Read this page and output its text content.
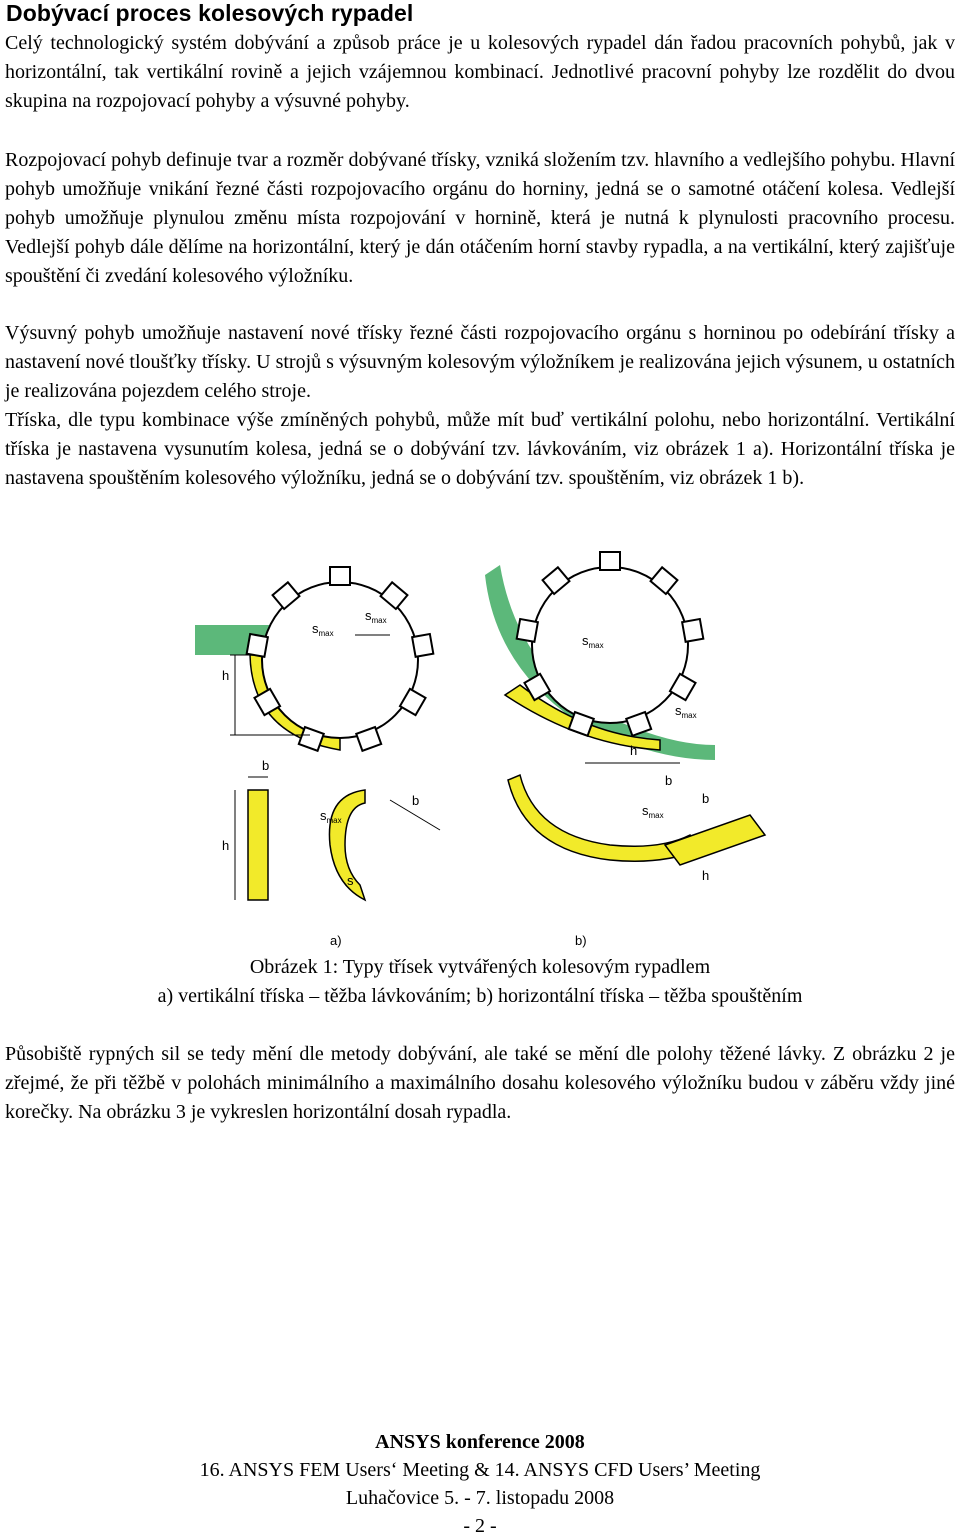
Dobývací proces kolesových rypadel

Celý technologický systém dobývání a způsob práce je u kolesových rypadel dán řadou pracovních pohybů, jak v horizontální, tak vertikální rovině a jejich vzájemnou kombinací. Jednotlivé pracovní pohyby lze rozdělit do dvou skupina na rozpojovací pohyby a výsuvné pohyby.

Rozpojovací pohyb definuje tvar a rozměr dobývané třísky, vzniká složením tzv. hlavního a vedlejšího pohybu. Hlavní pohyb umožňuje vnikání řezné části rozpojovacího orgánu do horniny, jedná se o samotné otáčení kolesa. Vedlejší pohyb umožňuje plynulou změnu místa rozpojování v hornině, která je nutná k plynulosti pracovního procesu. Vedlejší pohyb dále dělíme na horizontální, který je dán otáčením horní stavby rypadla, a na vertikální, který zajišťuje spouštění či zvedání kolesového výložníku.

Výsuvný pohyb umožňuje nastavení nové třísky řezné části rozpojovacího orgánu s horninou po odebírání třísky a nastavení nové tloušťky třísky. U strojů s výsuvným kolesovým výložníkem je realizována jejich výsunem, u ostatních je realizována pojezdem celého stroje.

Tříska, dle typu kombinace výše zmíněných pohybů, může mít buď vertikální polohu, nebo horizontální. Vertikální tříska je nastavena vysunutím kolesa, jedná se o dobývání tzv. lávkováním, viz obrázek 1 a). Horizontální tříska je nastavena spouštěním kolesového výložníku, jedná se o dobývání tzv. spouštěním, viz obrázek 1 b).

h
$s_{max}$
$s_{max}$
h
b
b
$s_{max}$
s
a)
$s_{max}$
$s_{max}$
h
b
$s_{max}$
b
h
b)

Obrázek 1: Typy třísek vytvářených kolesovým rypadlem

a) vertikální tříska – těžba lávkováním; b) horizontální tříska – těžba spouštěním

Působiště rypných sil se tedy mění dle metody dobývání, ale také se mění dle polohy těžené lávky. Z obrázku 2 je zřejmé, že při těžbě v polohách minimálního a maximálního dosahu kolesového výložníku budou v záběru vždy jiné korečky. Na obrázku 3 je vykreslen horizontální dosah rypadla.

ANSYS konference 2008

16. ANSYS FEM Users‘ Meeting & 14. ANSYS CFD Users’ Meeting

Luhačovice 5. - 7. listopadu 2008

- 2 -
